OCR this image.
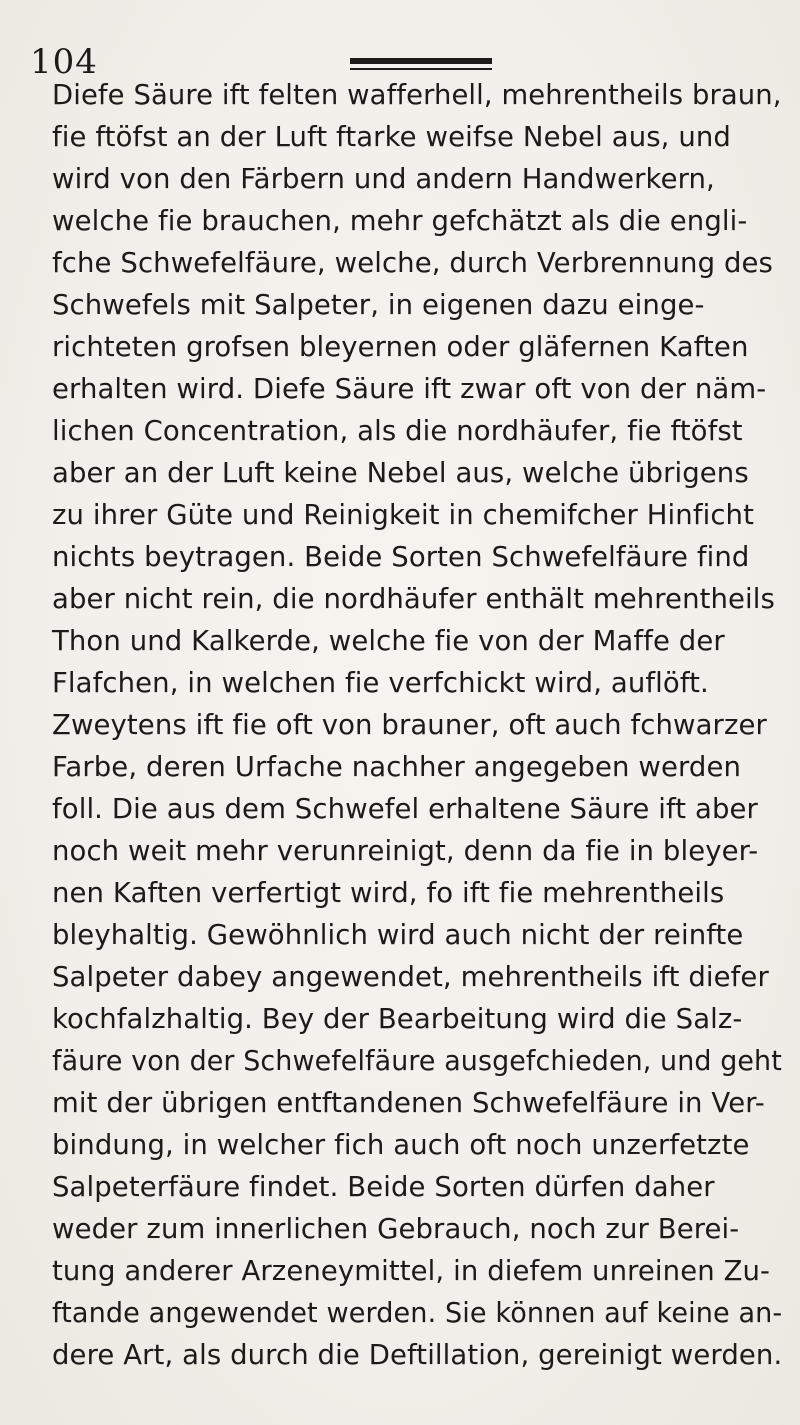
104
Diefe Säure ift felten wafferhell, mehrentheils braun,
fie ftöfst an der Luft ftarke weifse Nebel aus, und
wird von den Färbern und andern Handwerkern,
welche fie brauchen, mehr gefchätzt als die engli-
fche Schwefelfäure, welche, durch Verbrennung des
Schwefels mit Salpeter, in eigenen dazu einge-
richteten grofsen bleyernen oder gläfernen Kaften
erhalten wird. Diefe Säure ift zwar oft von der näm-
lichen Concentration, als die nordhäufer, fie ftöfst
aber an der Luft keine Nebel aus, welche übrigens
zu ihrer Güte und Reinigkeit in chemifcher Hinficht
nichts beytragen. Beide Sorten Schwefelfäure find
aber nicht rein, die nordhäufer enthält mehrentheils
Thon und Kalkerde, welche fie von der Maffe der
Flafchen, in welchen fie verfchickt wird, auflöft.
Zweytens ift fie oft von brauner, oft auch fchwarzer
Farbe, deren Urfache nachher angegeben werden
foll. Die aus dem Schwefel erhaltene Säure ift aber
noch weit mehr verunreinigt, denn da fie in bleyer-
nen Kaften verfertigt wird, fo ift fie mehrentheils
bleyhaltig. Gewöhnlich wird auch nicht der reinfte
Salpeter dabey angewendet, mehrentheils ift diefer
kochfalzhaltig. Bey der Bearbeitung wird die Salz-
fäure von der Schwefelfäure ausgefchieden, und geht
mit der übrigen entftandenen Schwefelfäure in Ver-
bindung, in welcher fich auch oft noch unzerfetzte
Salpeterfäure findet. Beide Sorten dürfen daher
weder zum innerlichen Gebrauch, noch zur Berei-
tung anderer Arzeneymittel, in diefem unreinen Zu-
ftande angewendet werden. Sie können auf keine an-
dere Art, als durch die Deftillation, gereinigt werden.
